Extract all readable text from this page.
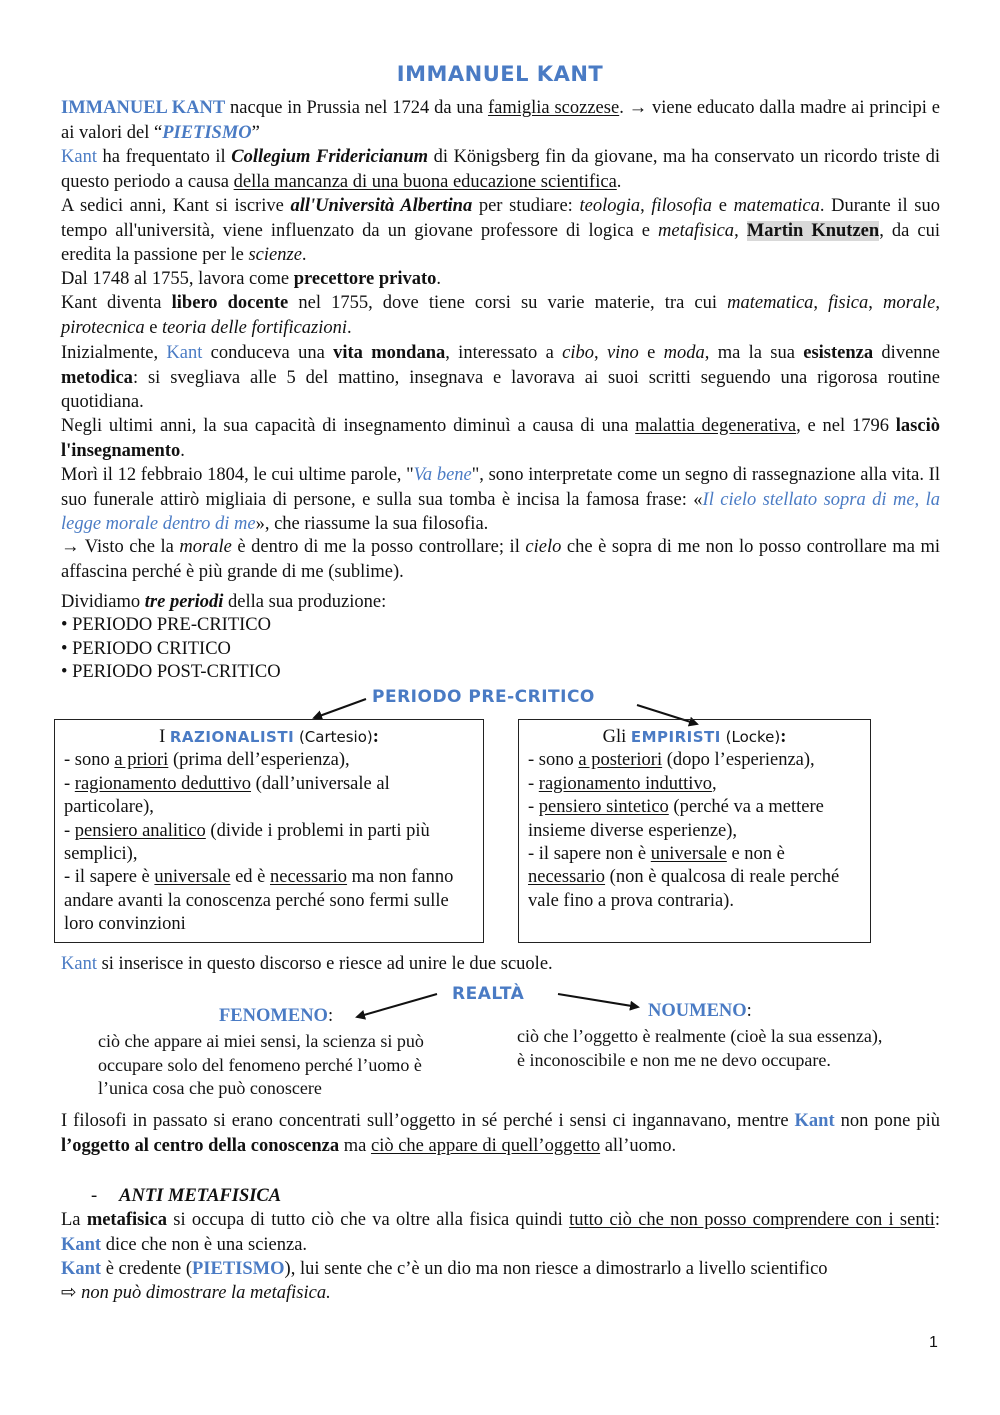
IMMANUEL KANT

IMMANUEL KANT nacque in Prussia nel 1724 da una famiglia scozzese. → viene educato dalla madre ai principi e ai valori del “PIETISMO”

Kant ha frequentato il Collegium Fridericianum di Königsberg fin da giovane, ma ha conservato un ricordo triste di questo periodo a causa della mancanza di una buona educazione scientifica.

A sedici anni, Kant si iscrive all'Università Albertina per studiare: teologia, filosofia e matematica. Durante il suo tempo all'università, viene influenzato da un giovane professore di logica e metafisica, Martin Knutzen, da cui eredita la passione per le scienze.

Dal 1748 al 1755, lavora come precettore privato.

Kant diventa libero docente nel 1755, dove tiene corsi su varie materie, tra cui matematica, fisica, morale, pirotecnica e teoria delle fortificazioni.

Inizialmente, Kant conduceva una vita mondana, interessato a cibo, vino e moda, ma la sua esistenza divenne metodica: si svegliava alle 5 del mattino, insegnava e lavorava ai suoi scritti seguendo una rigorosa routine quotidiana.

Negli ultimi anni, la sua capacità di insegnamento diminuì a causa di una malattia degenerativa, e nel 1796 lasciò l'insegnamento.

Morì il 12 febbraio 1804, le cui ultime parole, "Va bene", sono interpretate come un segno di rassegnazione alla vita. Il suo funerale attirò migliaia di persone, e sulla sua tomba è incisa la famosa frase: «Il cielo stellato sopra di me, la legge morale dentro di me», che riassume la sua filosofia.

→ Visto che la morale è dentro di me la posso controllare; il cielo che è sopra di me non lo posso controllare ma mi affascina perché è più grande di me (sublime).

Dividiamo tre periodi della sua produzione:

• PERIODO PRE-CRITICO
• PERIODO CRITICO
• PERIODO POST-CRITICO
PERIODO PRE-CRITICO
I RAZIONALISTI (Cartesio):
- sono a priori (prima dell’esperienza),
- ragionamento deduttivo (dall’universale al particolare),
- pensiero analitico (divide i problemi in parti più semplici),
- il sapere è universale ed è necessario ma non fanno andare avanti la conoscenza perché sono fermi sulle loro convinzioni
Gli EMPIRISTI (Locke):
- sono a posteriori (dopo l’esperienza),
- ragionamento induttivo,
- pensiero sintetico (perché va a mettere insieme diverse esperienze),
- il sapere non è universale e non è necessario (non è qualcosa di reale perché vale fino a prova contraria).

Kant si inserisce in questo discorso e riesce ad unire le due scuole.

REALTÀ
FENOMENO:
ciò che appare ai miei sensi, la scienza si può occupare solo del fenomeno perché l’uomo è l’unica cosa che può conoscere
NOUMENO:
ciò che l’oggetto è realmente (cioè la sua essenza), è inconoscibile e non me ne devo occupare.

I filosofi in passato si erano concentrati sull’oggetto in sé perché i sensi ci ingannavano, mentre Kant non pone più l’oggetto al centro della conoscenza ma ciò che appare di quell’oggetto all’uomo.

- ANTI METAFISICA

La metafisica si occupa di tutto ciò che va oltre alla fisica quindi tutto ciò che non posso comprendere con i senti: Kant dice che non è una scienza.

Kant è credente (PIETISMO), lui sente che c’è un dio ma non riesce a dimostrarlo a livello scientifico
⇨ non può dimostrare la metafisica.

1
